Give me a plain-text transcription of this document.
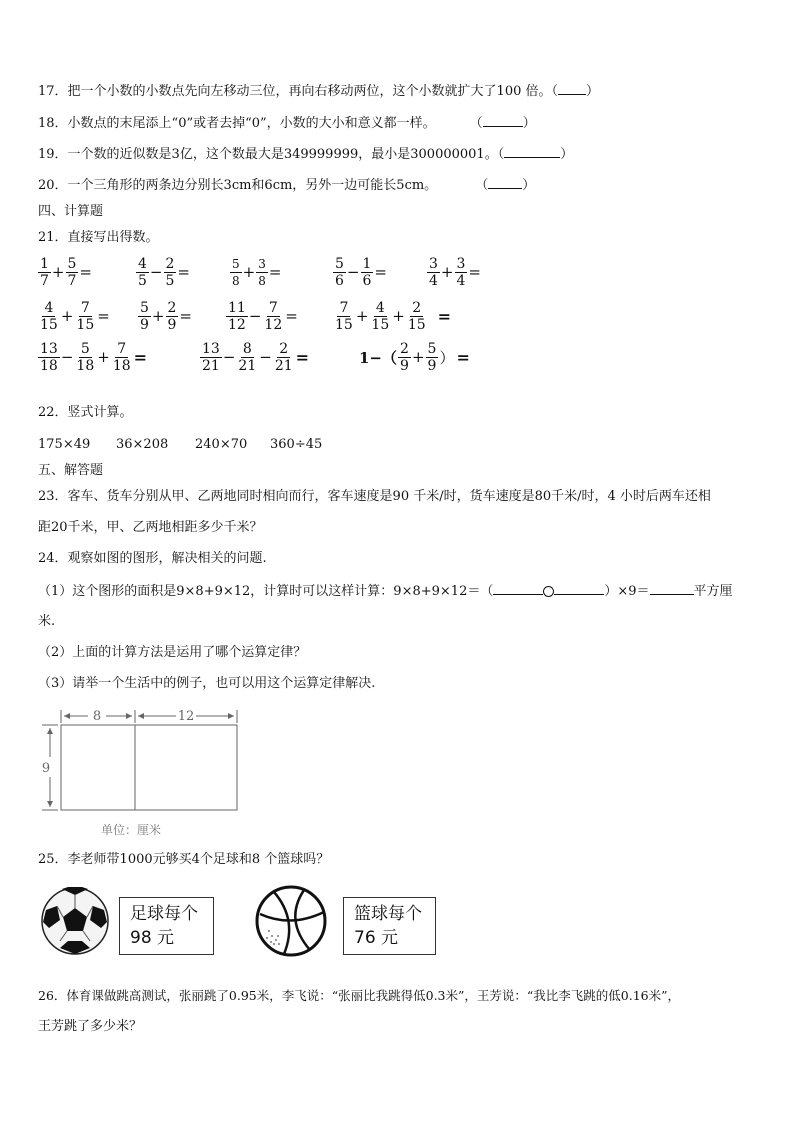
17．把一个小数的小数点先向左移动三位，再向右移动两位，这个小数就扩大了100 倍。（ ）
18．小数点的末尾添上“0”或者去掉“0”，小数的大小和意义都一样。	（	）
19．一个数的近似数是3亿，这个数最大是349999999，最小是300000001。（	）
20．一个三角形的两条边分别长3cm和6cm，另外一边可能长5cm。	（	）
四、计算题
21．直接写出得数。
$\frac{1}{7} + \frac{5}{7}$ =	$\frac{4}{5} - \frac{2}{5}$ =	$\frac{5}{8} + \frac{3}{8}$ =	$\frac{5}{6} - \frac{1}{6}$ =	$\frac{3}{4} + \frac{3}{4}$ =
$\frac{4}{15} + \frac{7}{15} = \frac{5}{9} + \frac{2}{9} = \frac{11}{12} - \frac{7}{12}$ =	$\frac{7}{15} + \frac{4}{15} + \frac{2}{15}$ =
$\frac{13}{18} - \frac{5}{18} + \frac{7}{18}$ =	$\frac{13}{21} - \frac{8}{21} - \frac{2}{21}$ =	$1-( \frac{2}{9} + \frac{5}{9}$ ） =
22．竖式计算。
175×49 36×208 240×70 360÷45
五、解答题
23．客车、货车分别从甲、乙两地同时相向而行，客车速度是90 千米/时，货车速度是80千米/时，4 小时后两车还相
距20千米，甲、乙两地相距多少千米？
24．观察如图的图形，解决相关的问题.
（1）这个图形的面积是9×8+9×12，计算时可以这样计算：9×8+9×12＝（	）×9＝	平方厘
米.
（2）上面的计算方法是运用了哪个运算定律？
（3）请举一个生活中的例子，也可以用这个运算定律解决.
8	12
9
单位：厘米
25．李老师带1000元够买4个足球和8 个篮球吗？
足球每个
98 元
篮球每个
76 元
26．体育课做跳高测试，张丽跳了0.95米，李飞说：“张丽比我跳得低0.3米”，王芳说：“我比李飞跳的低0.16米”，
王芳跳了多少米？
